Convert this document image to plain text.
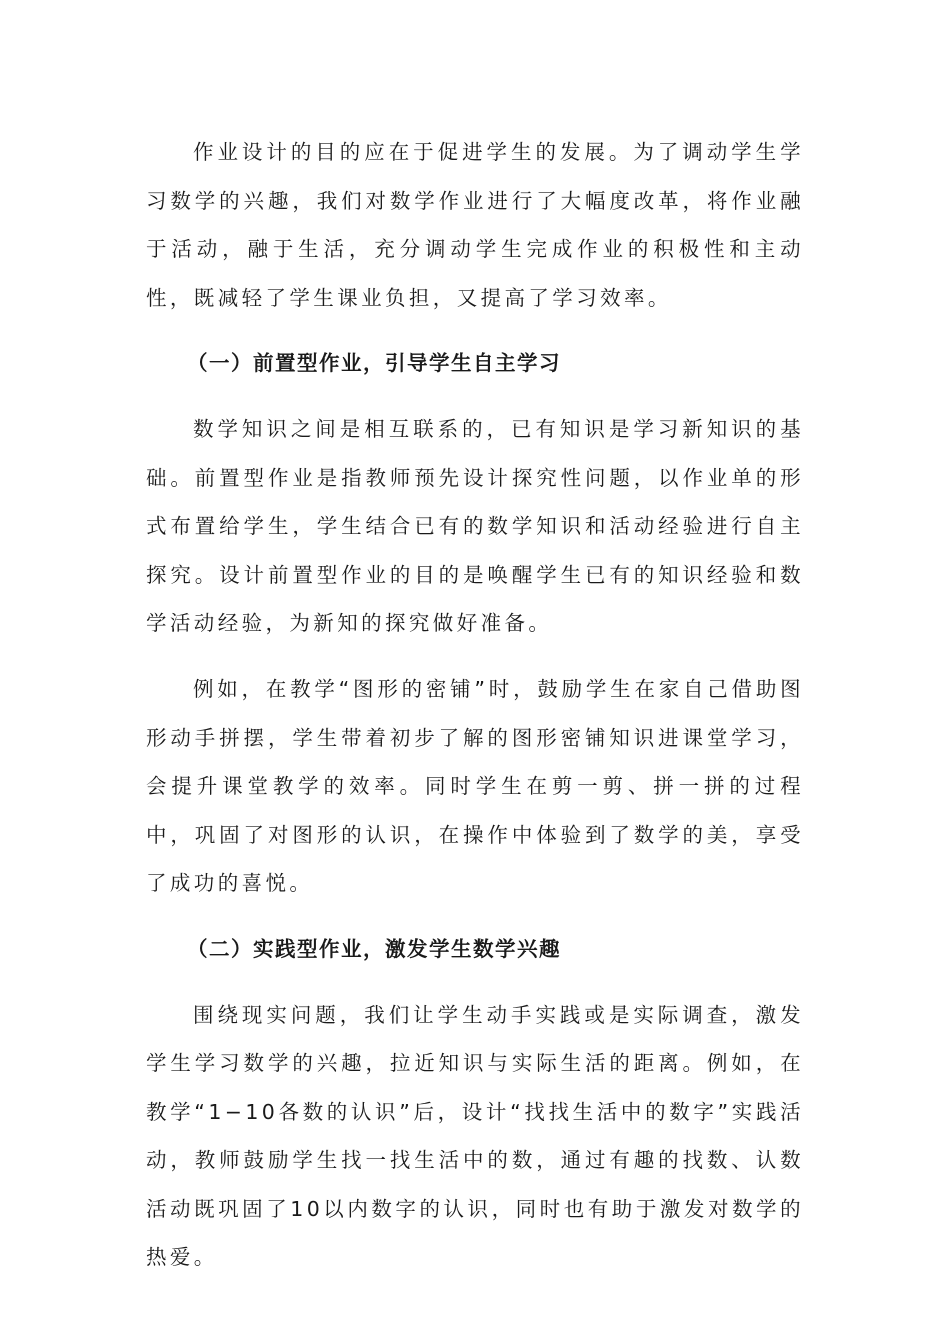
作业设计的目的应在于促进学生的发展。为了调动学生学习数学的兴趣，我们对数学作业进行了大幅度改革，将作业融于活动，融于生活，充分调动学生完成作业的积极性和主动性，既减轻了学生课业负担，又提高了学习效率。

（一）前置型作业，引导学生自主学习

数学知识之间是相互联系的，已有知识是学习新知识的基础。前置型作业是指教师预先设计探究性问题，以作业单的形式布置给学生，学生结合已有的数学知识和活动经验进行自主探究。设计前置型作业的目的是唤醒学生已有的知识经验和数学活动经验，为新知的探究做好准备。

例如，在教学“图形的密铺”时，鼓励学生在家自己借助图形动手拼摆，学生带着初步了解的图形密铺知识进课堂学习，会提升课堂教学的效率。同时学生在剪一剪、拼一拼的过程中，巩固了对图形的认识，在操作中体验到了数学的美，享受了成功的喜悦。

（二）实践型作业，激发学生数学兴趣

围绕现实问题，我们让学生动手实践或是实际调查，激发学生学习数学的兴趣，拉近知识与实际生活的距离。例如，在教学“1−10各数的认识”后，设计“找找生活中的数字”实践活动，教师鼓励学生找一找生活中的数，通过有趣的找数、认数活动既巩固了10以内数字的认识，同时也有助于激发对数学的热爱。
